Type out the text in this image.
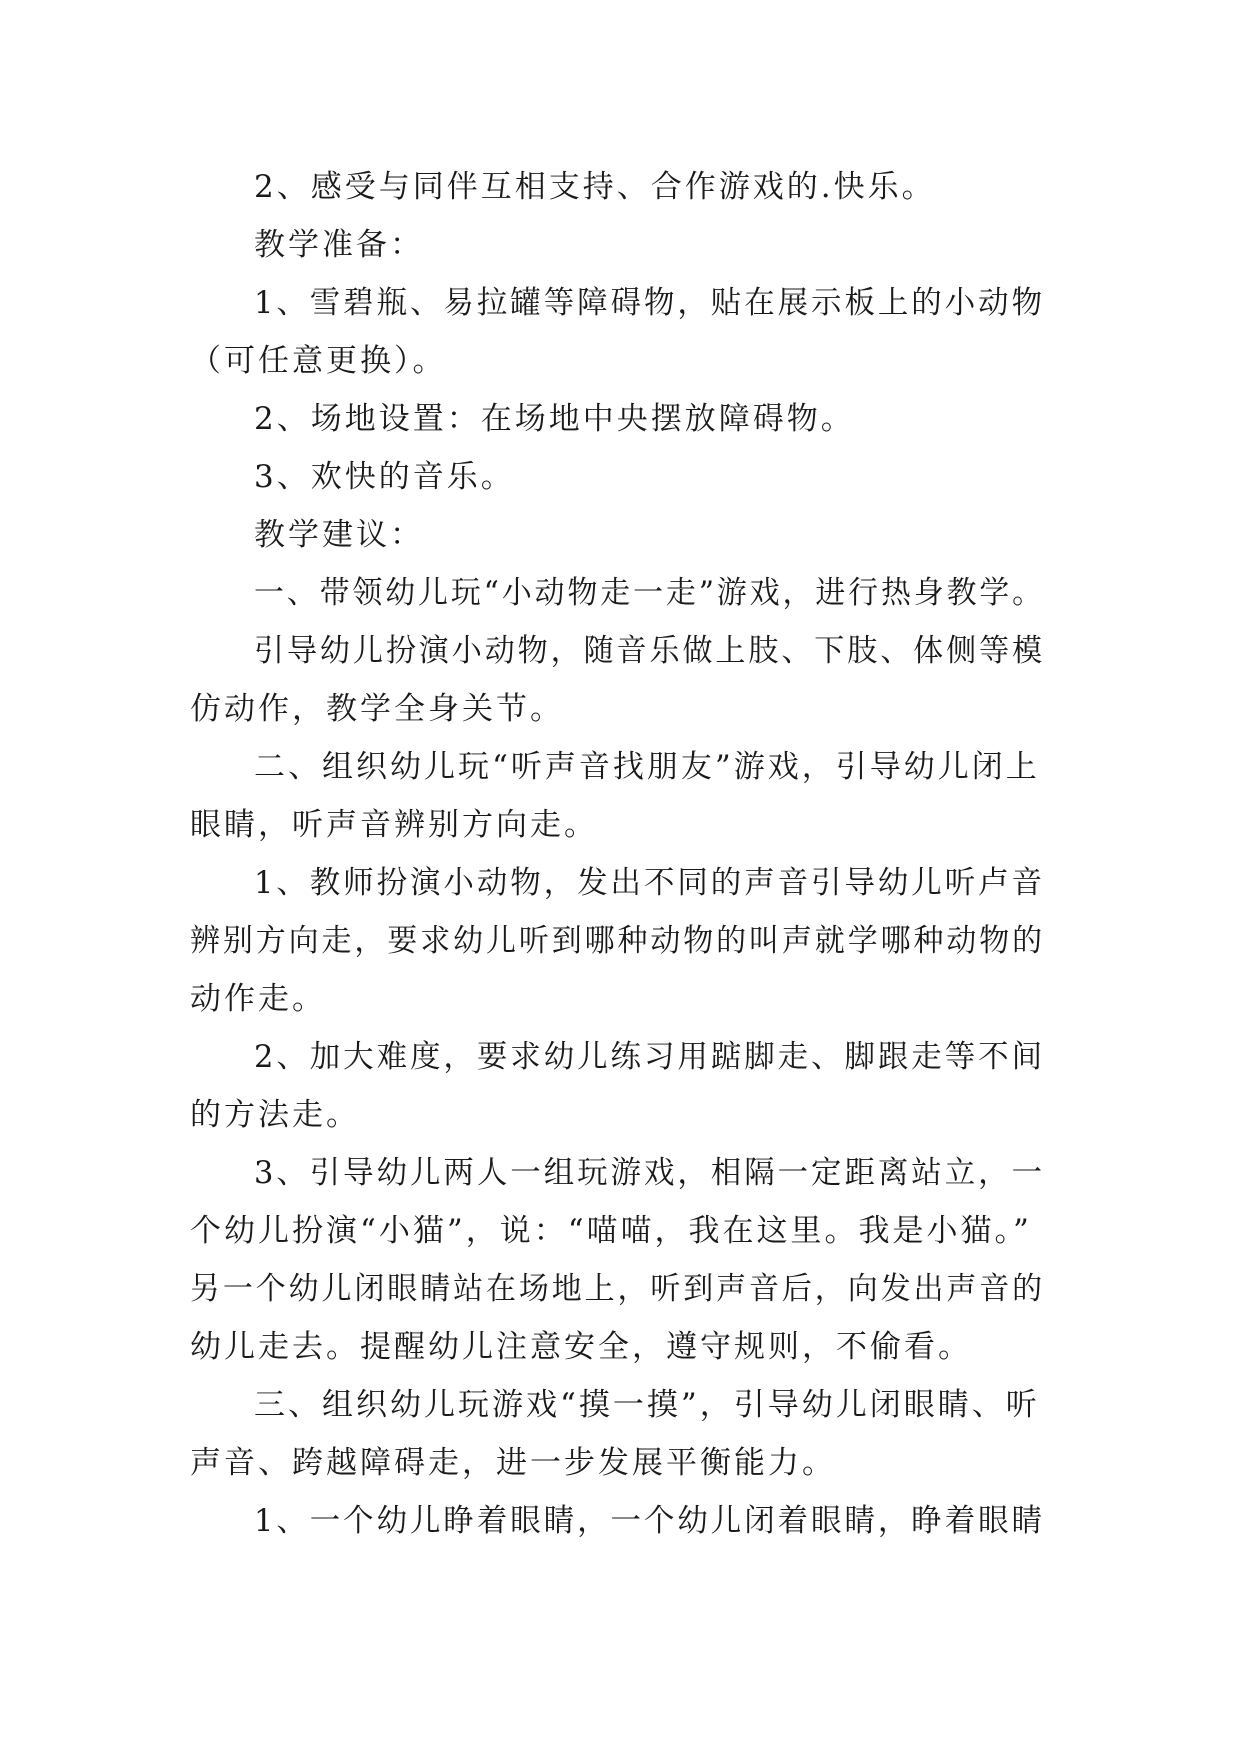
2、感受与同伴互相支持、合作游戏的.快乐。
教学准备：
1、雪碧瓶、易拉罐等障碍物，贴在展示板上的小动物
（可任意更换）。
2、场地设置：在场地中央摆放障碍物。
3、欢快的音乐。
教学建议：
一、带领幼儿玩“小动物走一走”游戏，进行热身教学。
引导幼儿扮演小动物，随音乐做上肢、下肢、体侧等模
仿动作，教学全身关节。
二、组织幼儿玩“听声音找朋友”游戏，引导幼儿闭上
眼睛，听声音辨别方向走。
1、教师扮演小动物，发出不同的声音引导幼儿听卢音
辨别方向走，要求幼儿听到哪种动物的叫声就学哪种动物的
动作走。
2、加大难度，要求幼儿练习用踮脚走、脚跟走等不间
的方法走。
3、引导幼儿两人一组玩游戏，相隔一定距离站立，一
个幼儿扮演“小猫”，说：“喵喵，我在这里。我是小猫。”
另一个幼儿闭眼睛站在场地上，听到声音后，向发出声音的
幼儿走去。提醒幼儿注意安全，遵守规则，不偷看。
三、组织幼儿玩游戏“摸一摸”，引导幼儿闭眼睛、听
声音、跨越障碍走，进一步发展平衡能力。
1、一个幼儿睁着眼睛，一个幼儿闭着眼睛，睁着眼睛
